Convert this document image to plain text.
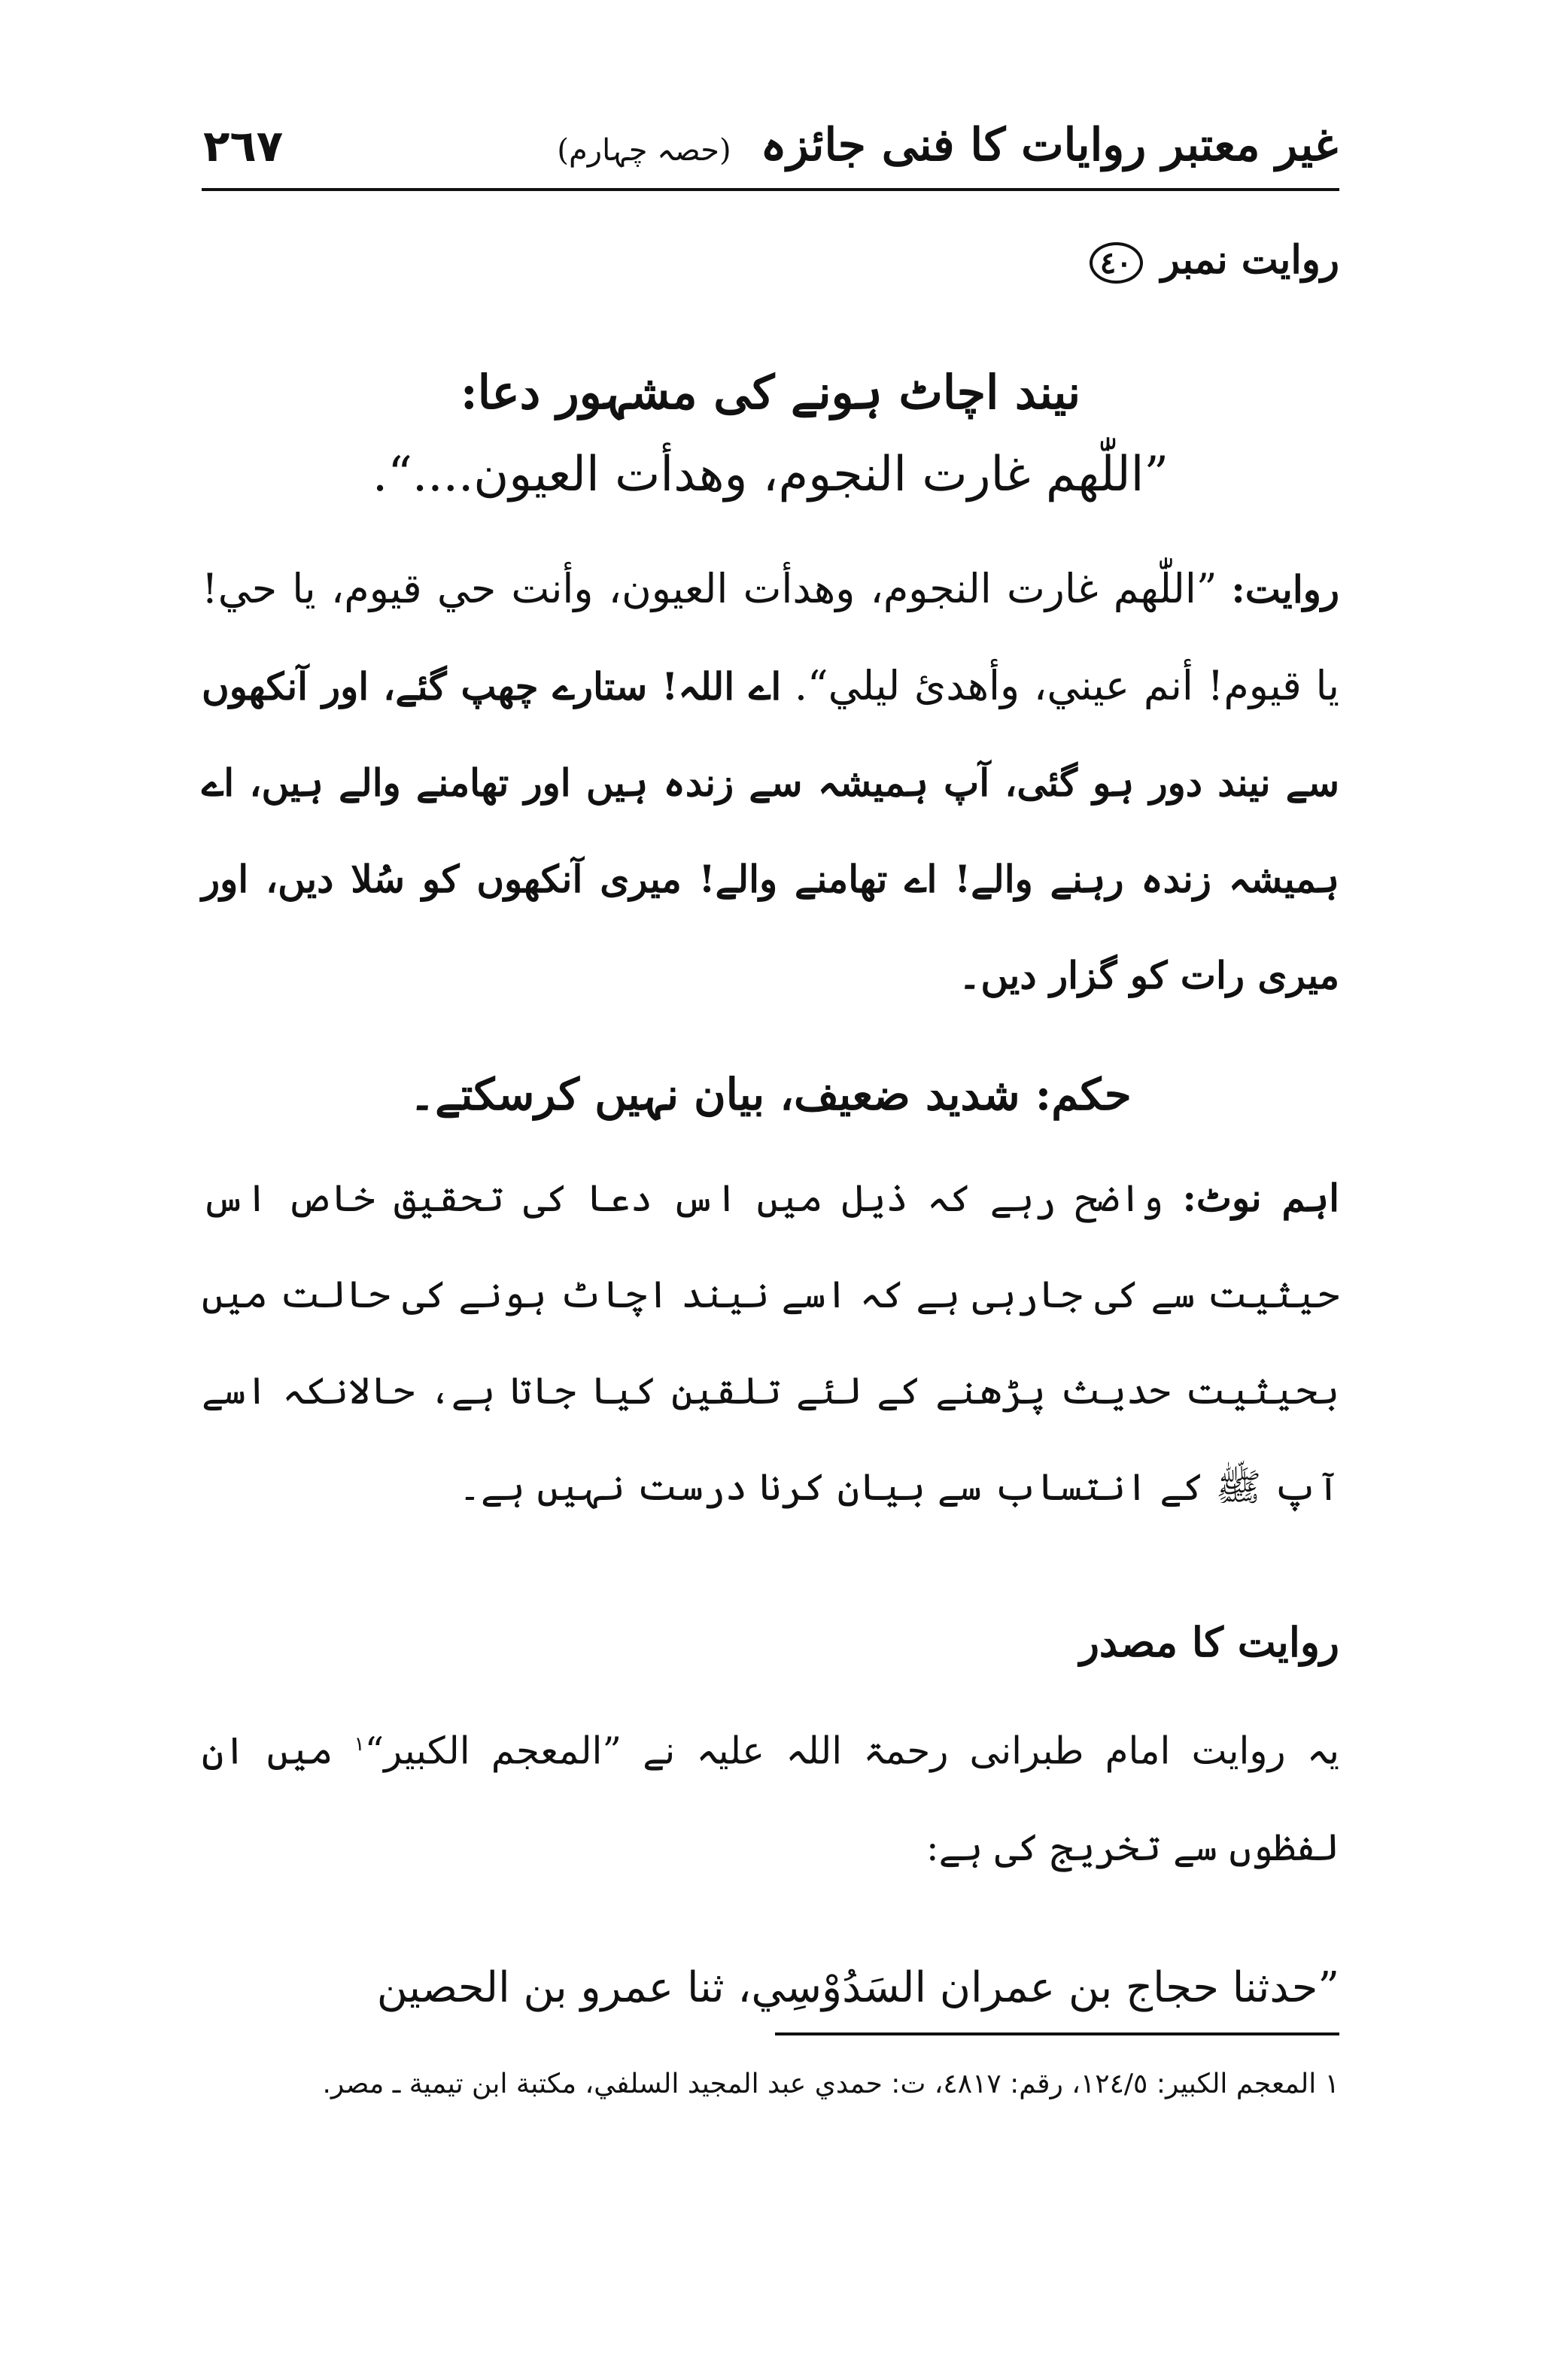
٢٦٧	غیر معتبر روایات کا فنی جائزہ (حصہ چہارم)
روایت نمبر ٤٠
نیند اچاٹ ہونے کی مشہور دعا:
”اللّٰهم غارت النجوم، وهدأت العيون....“.
روایت: ”اللّٰهم غارت النجوم، وهدأت العيون، وأنت حي قيوم، يا حي! يا قيوم! أنم عيني، وأهدئ ليلي“. اے اللہ! ستارے چھپ گئے، اور آنکھوں سے نیند دور ہو گئی، آپ ہمیشہ سے زندہ ہیں اور تھامنے والے ہیں، اے ہمیشہ زندہ رہنے والے! اے تھامنے والے! میری آنکھوں کو سُلا دیں، اور میری رات کو گزار دیں۔
حکم: شدید ضعیف، بیان نہیں کرسکتے۔
اہم نوٹ: واضح رہے کہ ذیل میں اس دعا کی تحقیق خاص اس حیثیت سے کی جارہی ہے کہ اسے نیند اچاٹ ہونے کی حالت میں بحیثیت حدیث پڑھنے کے لئے تلقین کیا جاتا ہے، حالانکہ اسے آپ ﷺ کے انتساب سے بیان کرنا درست نہیں ہے۔
روایت کا مصدر
یہ روایت امام طبرانی رحمۃ اللہ علیہ نے ”المعجم الکبیر“$^۱$ میں ان لفظوں سے تخریج کی ہے:
”حدثنا حجاج بن عمران السَدُوْسِي، ثنا عمرو بن الحصين
۱ المعجم الكبير: ١٢٤/٥، رقم: ٤٨١٧، ت: حمدي عبد المجيد السلفي، مكتبة ابن تيمية ـ مصر.
